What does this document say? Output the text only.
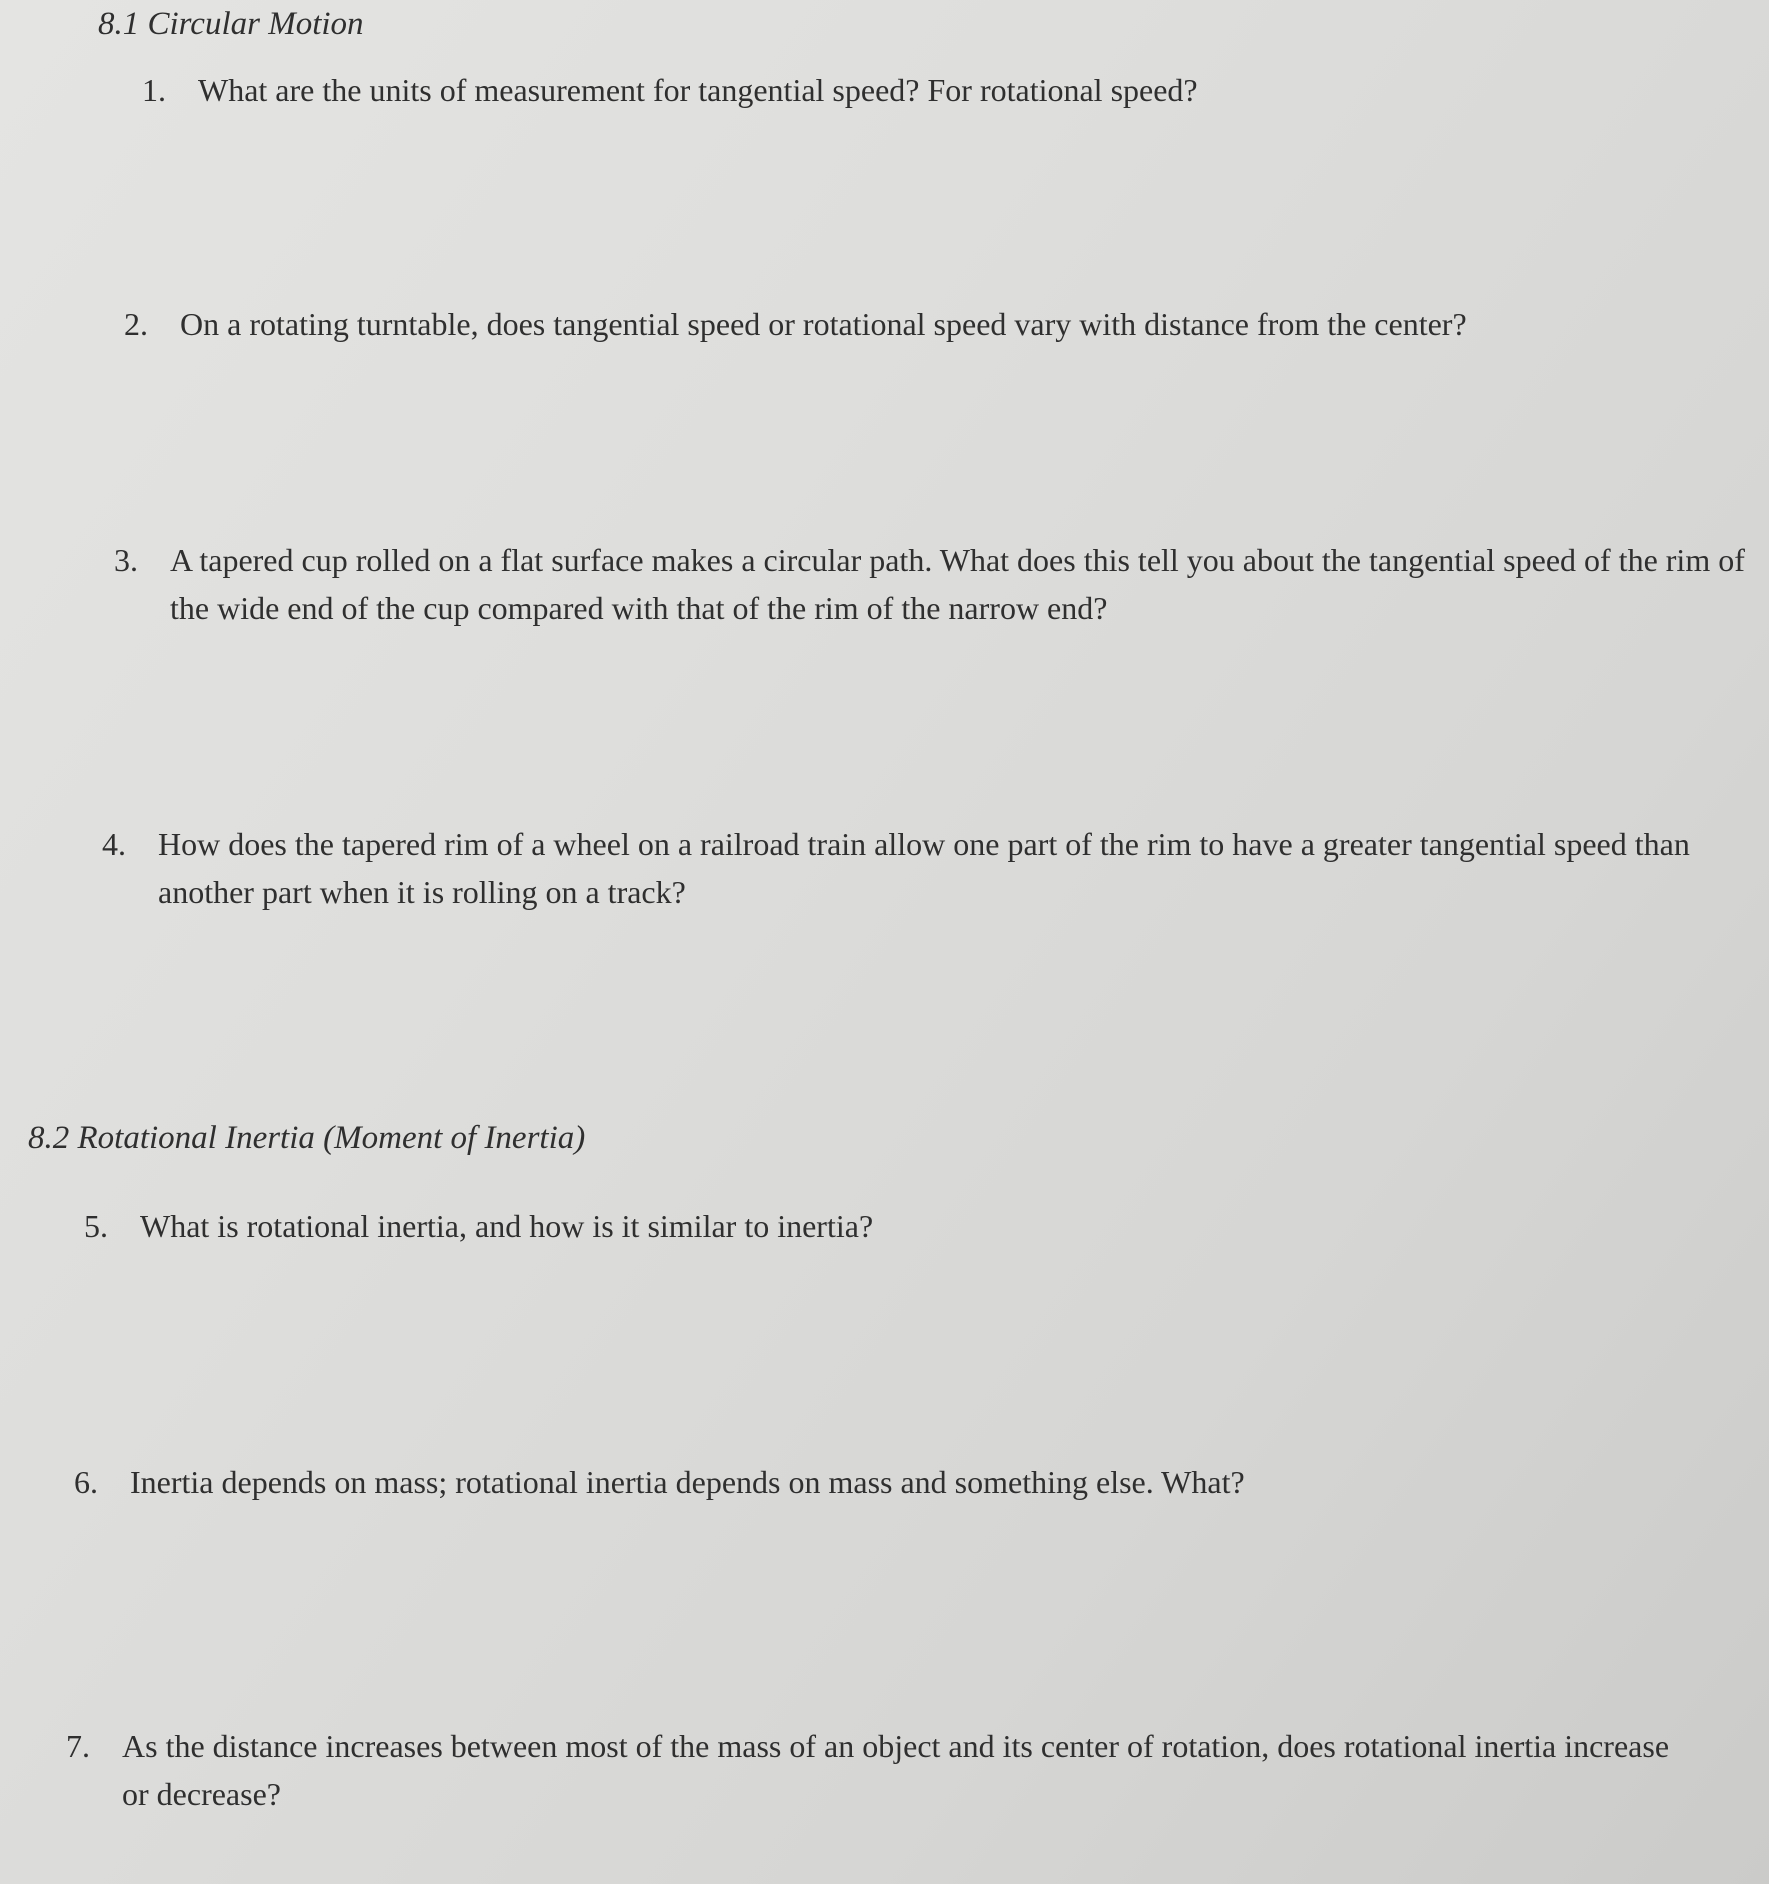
8.1 Circular Motion
1.	What are the units of measurement for tangential speed? For rotational speed?
2.	On a rotating turntable, does tangential speed or rotational speed vary with distance from the center?
3.	A tapered cup rolled on a flat surface makes a circular path. What does this tell you about the tangential speed of the rim of the wide end of the cup compared with that of the rim of the narrow end?
4.	How does the tapered rim of a wheel on a railroad train allow one part of the rim to have a greater tangential speed than another part when it is rolling on a track?
8.2 Rotational Inertia (Moment of Inertia)
5.	What is rotational inertia, and how is it similar to inertia?
6.	Inertia depends on mass; rotational inertia depends on mass and something else. What?
7.	As the distance increases between most of the mass of an object and its center of rotation, does rotational inertia increase or decrease?
